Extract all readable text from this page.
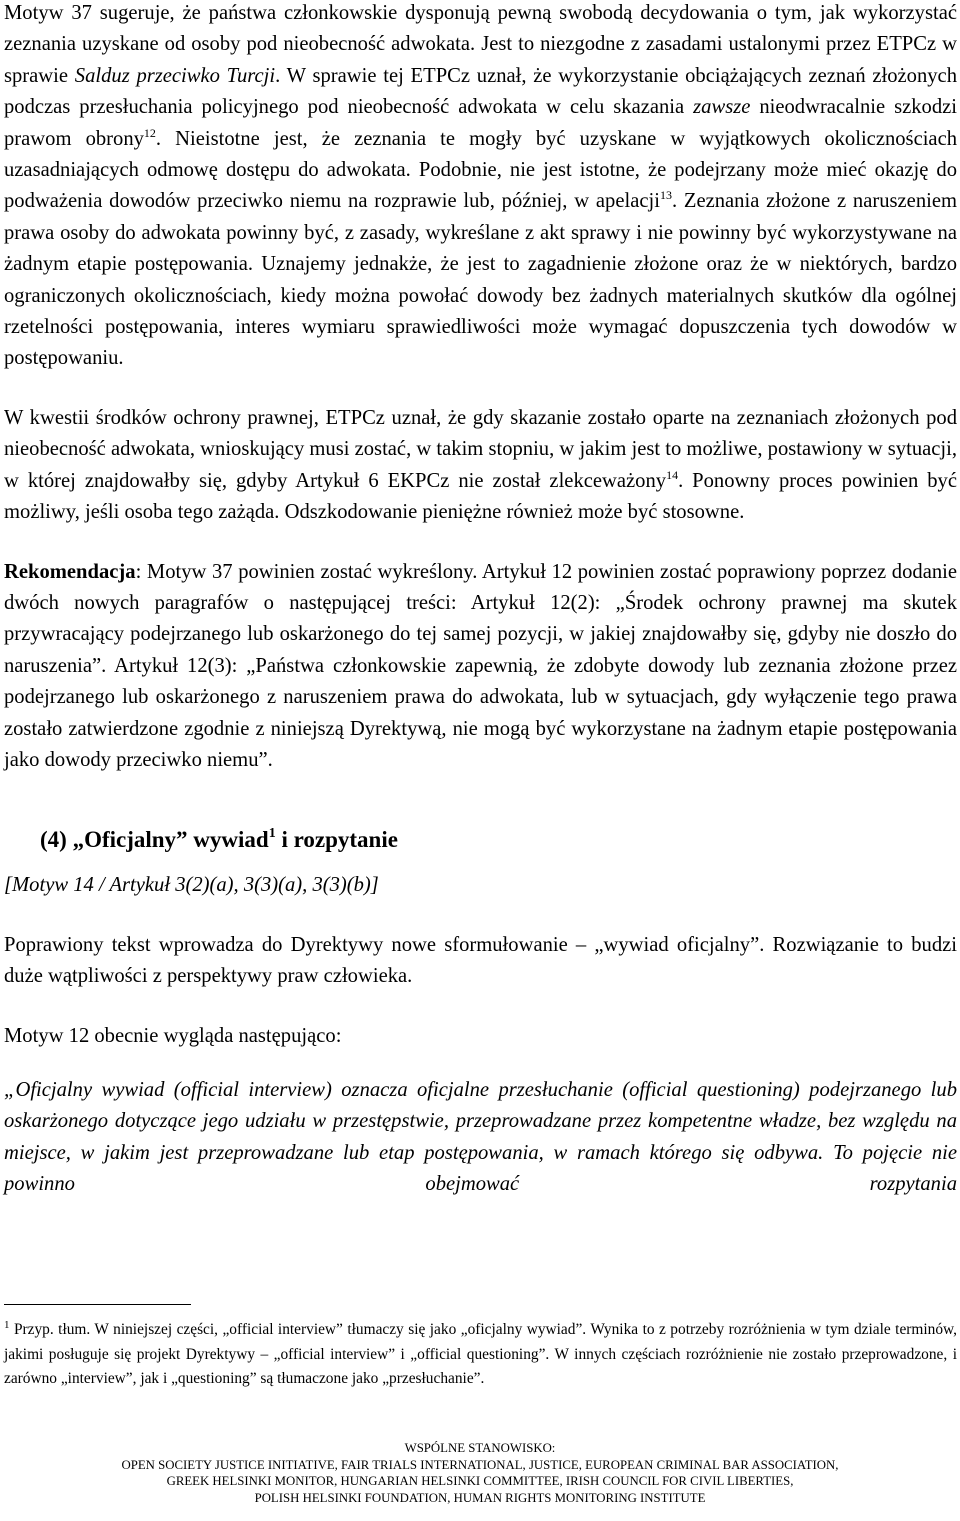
Motyw 37 sugeruje, że państwa członkowskie dysponują pewną swobodą decydowania o tym, jak wykorzystać zeznania uzyskane od osoby pod nieobecność adwokata. Jest to niezgodne z zasadami ustalonymi przez ETPCz w sprawie Salduz przeciwko Turcji. W sprawie tej ETPCz uznał, że wykorzystanie obciążających zeznań złożonych podczas przesłuchania policyjnego pod nieobecność adwokata w celu skazania zawsze nieodwracalnie szkodzi prawom obrony$^{12}$. Nieistotne jest, że zeznania te mogły być uzyskane w wyjątkowych okolicznościach uzasadniających odmowę dostępu do adwokata. Podobnie, nie jest istotne, że podejrzany może mieć okazję do podważenia dowodów przeciwko niemu na rozprawie lub, później, w apelacji$^{13}$. Zeznania złożone z naruszeniem prawa osoby do adwokata powinny być, z zasady, wykreślane z akt sprawy i nie powinny być wykorzystywane na żadnym etapie postępowania. Uznajemy jednakże, że jest to zagadnienie złożone oraz że w niektórych, bardzo ograniczonych okolicznościach, kiedy można powołać dowody bez żadnych materialnych skutków dla ogólnej rzetelności postępowania, interes wymiaru sprawiedliwości może wymagać dopuszczenia tych dowodów w postępowaniu.

W kwestii środków ochrony prawnej, ETPCz uznał, że gdy skazanie zostało oparte na zeznaniach złożonych pod nieobecność adwokata, wnioskujący musi zostać, w takim stopniu, w jakim jest to możliwe, postawiony w sytuacji, w której znajdowałby się, gdyby Artykuł 6 EKPCz nie został zlekceważony$^{14}$. Ponowny proces powinien być możliwy, jeśli osoba tego zażąda. Odszkodowanie pieniężne również może być stosowne.

Rekomendacja: Motyw 37 powinien zostać wykreślony. Artykuł 12 powinien zostać poprawiony poprzez dodanie dwóch nowych paragrafów o następującej treści: Artykuł 12(2): „Środek ochrony prawnej ma skutek przywracający podejrzanego lub oskarżonego do tej samej pozycji, w jakiej znajdowałby się, gdyby nie doszło do naruszenia”. Artykuł 12(3): „Państwa członkowskie zapewnią, że zdobyte dowody lub zeznania złożone przez podejrzanego lub oskarżonego z naruszeniem prawa do adwokata, lub w sytuacjach, gdy wyłączenie tego prawa zostało zatwierdzone zgodnie z niniejszą Dyrektywą, nie mogą być wykorzystane na żadnym etapie postępowania jako dowody przeciwko niemu”.

(4) „Oficjalny” wywiad$^1$ i rozpytanie

[Motyw 14 / Artykuł 3(2)(a), 3(3)(a), 3(3)(b)]

Poprawiony tekst wprowadza do Dyrektywy nowe sformułowanie – „wywiad oficjalny”. Rozwiązanie to budzi duże wątpliwości z perspektywy praw człowieka.

Motyw 12 obecnie wygląda następująco:

„Oficjalny wywiad (official interview) oznacza oficjalne przesłuchanie (official questioning) podejrzanego lub oskarżonego dotyczące jego udziału w przestępstwie, przeprowadzane przez kompetentne władze, bez względu na miejsce, w jakim jest przeprowadzane lub etap postępowania, w ramach którego się odbywa. To pojęcie nie powinno obejmować rozpytania

$^1$ Przyp. tłum. W niniejszej części, „official interview” tłumaczy się jako „oficjalny wywiad”. Wynika to z potrzeby rozróżnienia w tym dziale terminów, jakimi posługuje się projekt Dyrektywy – „official interview” i „official questioning”. W innych częściach rozróżnienie nie zostało przeprowadzone, i zarówno „interview”, jak i „questioning” są tłumaczone jako „przesłuchanie”.
WSPÓLNE STANOWISKO:
OPEN SOCIETY JUSTICE INITIATIVE, FAIR TRIALS INTERNATIONAL, JUSTICE, EUROPEAN CRIMINAL BAR ASSOCIATION,
GREEK HELSINKI MONITOR, HUNGARIAN HELSINKI COMMITTEE, IRISH COUNCIL FOR CIVIL LIBERTIES,
POLISH HELSINKI FOUNDATION, HUMAN RIGHTS MONITORING INSTITUTE
